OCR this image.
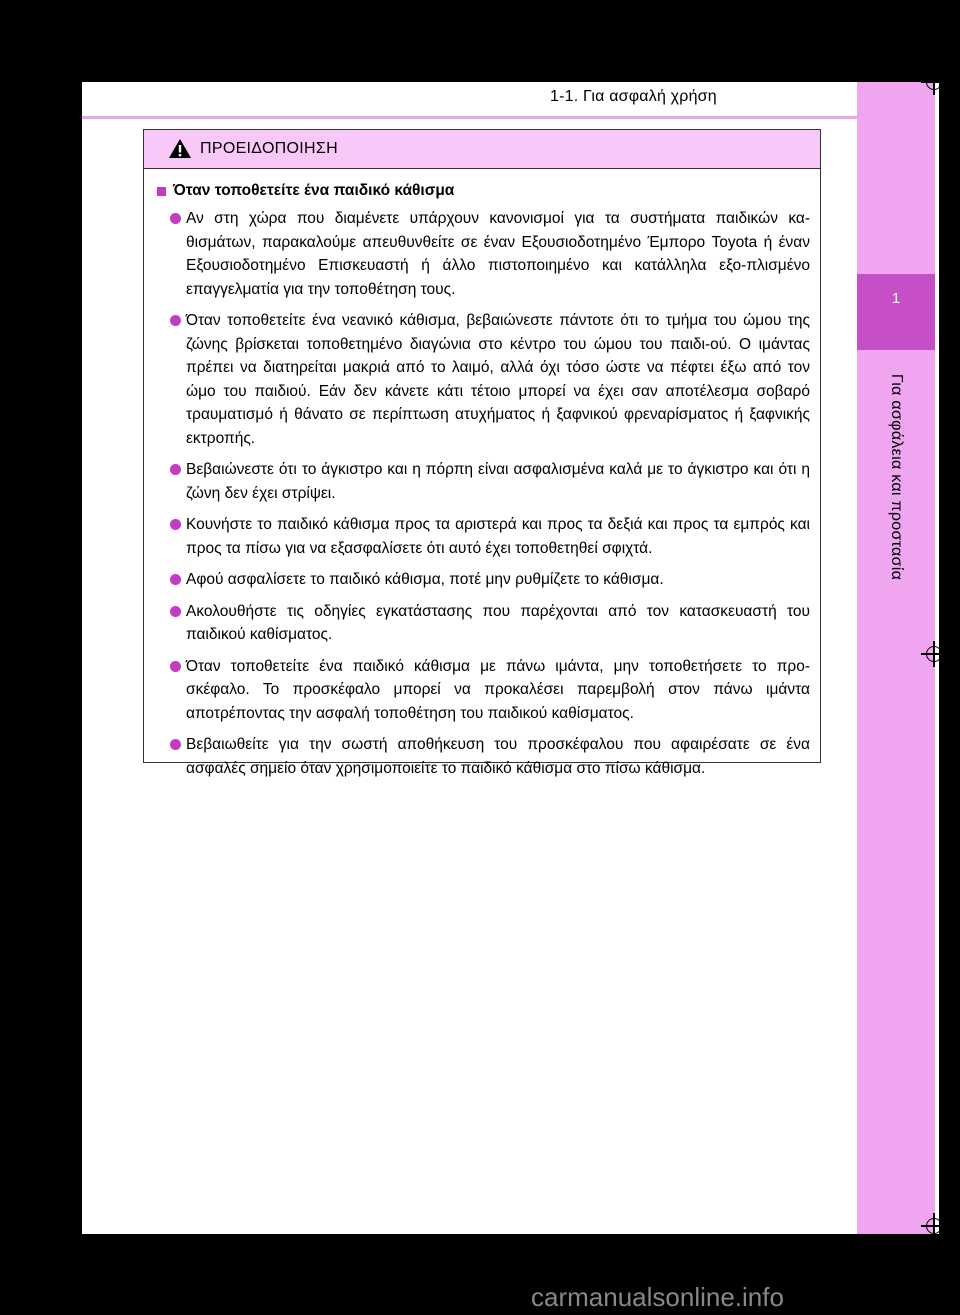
1-1. Για ασφαλή χρήση
1
Για ασφάλεια και προστασία
ΠΡΟΕΙΔΟΠΟΙΗΣΗ
Όταν τοποθετείτε ένα παιδικό κάθισμα
Αν στη χώρα που διαμένετε υπάρχουν κανονισμοί για τα συστήματα παιδικών κα-θισμάτων, παρακαλούμε απευθυνθείτε σε έναν Εξουσιοδοτημένο Έμπορο Toyota ή έναν Εξουσιοδοτημένο Επισκευαστή ή άλλο πιστοποιημένο και κατάλληλα εξο-πλισμένο επαγγελματία για την τοποθέτηση τους.
Όταν τοποθετείτε ένα νεανικό κάθισμα, βεβαιώνεστε πάντοτε ότι το τμήμα του ώμου της ζώνης βρίσκεται τοποθετημένο διαγώνια στο κέντρο του ώμου του παιδι-ού. Ο ιμάντας πρέπει να διατηρείται μακριά από το λαιμό, αλλά όχι τόσο ώστε να πέφτει έξω από τον ώμο του παιδιού. Εάν δεν κάνετε κάτι τέτοιο μπορεί να έχει σαν αποτέλεσμα σοβαρό τραυματισμό ή θάνατο σε περίπτωση ατυχήματος ή ξαφνικού φρεναρίσματος ή ξαφνικής εκτροπής.
Βεβαιώνεστε ότι το άγκιστρο και η πόρπη είναι ασφαλισμένα καλά με το άγκιστρο και ότι η ζώνη δεν έχει στρίψει.
Κουνήστε το παιδικό κάθισμα προς τα αριστερά και προς τα δεξιά και προς τα εμπρός και προς τα πίσω για να εξασφαλίσετε ότι αυτό έχει τοποθετηθεί σφιχτά.
Αφού ασφαλίσετε το παιδικό κάθισμα, ποτέ μην ρυθμίζετε το κάθισμα.
Ακολουθήστε τις οδηγίες εγκατάστασης που παρέχονται από τον κατασκευαστή του παιδικού καθίσματος.
Όταν τοποθετείτε ένα παιδικό κάθισμα με πάνω ιμάντα, μην τοποθετήσετε το προ-σκέφαλο. Το προσκέφαλο μπορεί να προκαλέσει παρεμβολή στον πάνω ιμάντα αποτρέποντας την ασφαλή τοποθέτηση του παιδικού καθίσματος.
Βεβαιωθείτε για την σωστή αποθήκευση του προσκέφαλου που αφαιρέσατε σε ένα ασφαλές σημείο όταν χρησιμοποιείτε το παιδικό κάθισμα στο πίσω κάθισμα.
carmanualsonline.info
